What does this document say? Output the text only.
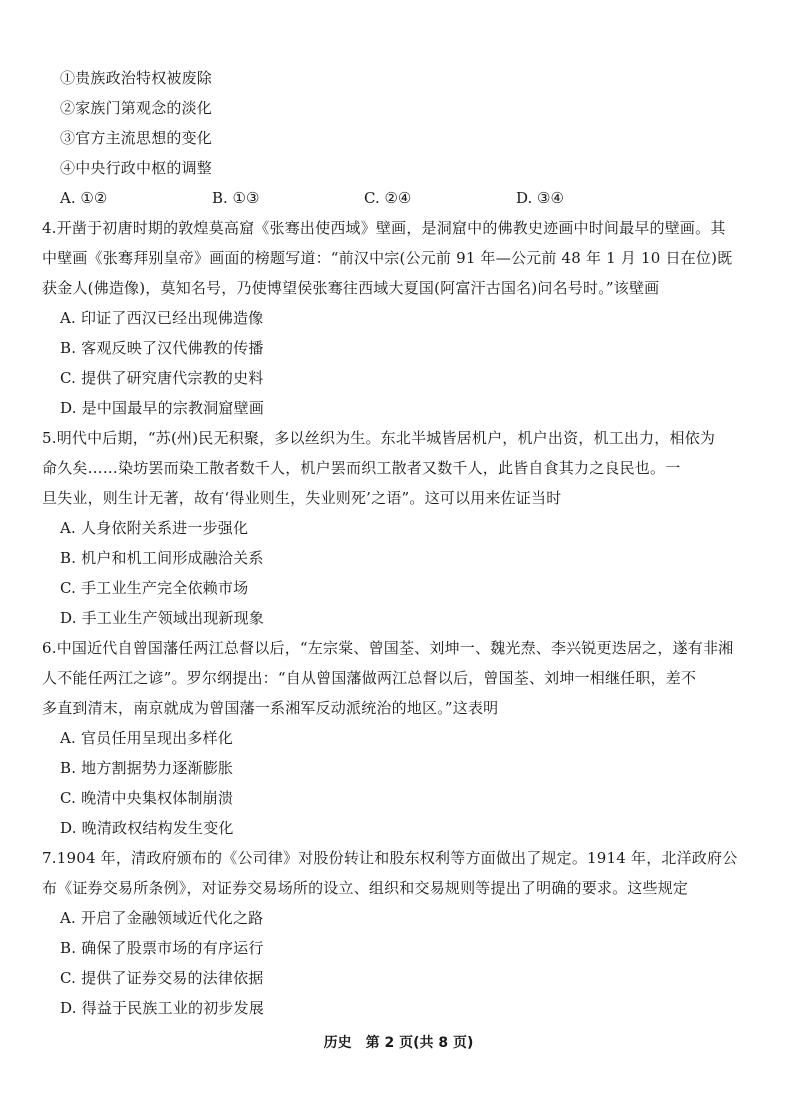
①贵族政治特权被废除
②家族门第观念的淡化
③官方主流思想的变化
④中央行政中枢的调整
A. ①②	B. ①③	C. ②④	D. ③④
4.开凿于初唐时期的敦煌莫高窟《张骞出使西域》壁画，是洞窟中的佛教史迹画中时间最早的壁画。其
中壁画《张骞拜别皇帝》画面的榜题写道：“前汉中宗(公元前 91 年—公元前 48 年 1 月 10 日在位)既
获金人(佛造像)，莫知名号，乃使博望侯张骞往西域大夏国(阿富汗古国名)问名号时。”该壁画
A. 印证了西汉已经出现佛造像
B. 客观反映了汉代佛教的传播
C. 提供了研究唐代宗教的史料
D. 是中国最早的宗教洞窟壁画
5.明代中后期，“苏(州)民无积聚，多以丝织为生。东北半城皆居机户，机户出资，机工出力，相依为
命久矣……染坊罢而染工散者数千人，机户罢而织工散者又数千人，此皆自食其力之良民也。一
旦失业，则生计无著，故有‘得业则生，失业则死’之语”。这可以用来佐证当时
A. 人身依附关系进一步强化
B. 机户和机工间形成融洽关系
C. 手工业生产完全依赖市场
D. 手工业生产领域出现新现象
6.中国近代自曾国藩任两江总督以后，“左宗棠、曾国荃、刘坤一、魏光焘、李兴锐更迭居之，遂有非湘
人不能任两江之谚”。罗尔纲提出：“自从曾国藩做两江总督以后，曾国荃、刘坤一相继任职，差不
多直到清末，南京就成为曾国藩一系湘军反动派统治的地区。”这表明
A. 官员任用呈现出多样化
B. 地方割据势力逐渐膨胀
C. 晚清中央集权体制崩溃
D. 晚清政权结构发生变化
7.1904 年，清政府颁布的《公司律》对股份转让和股东权利等方面做出了规定。1914 年，北洋政府公
布《证券交易所条例》，对证券交易场所的设立、组织和交易规则等提出了明确的要求。这些规定
A. 开启了金融领域近代化之路
B. 确保了股票市场的有序运行
C. 提供了证券交易的法律依据
D. 得益于民族工业的初步发展
历史　第 2 页(共 8 页)
